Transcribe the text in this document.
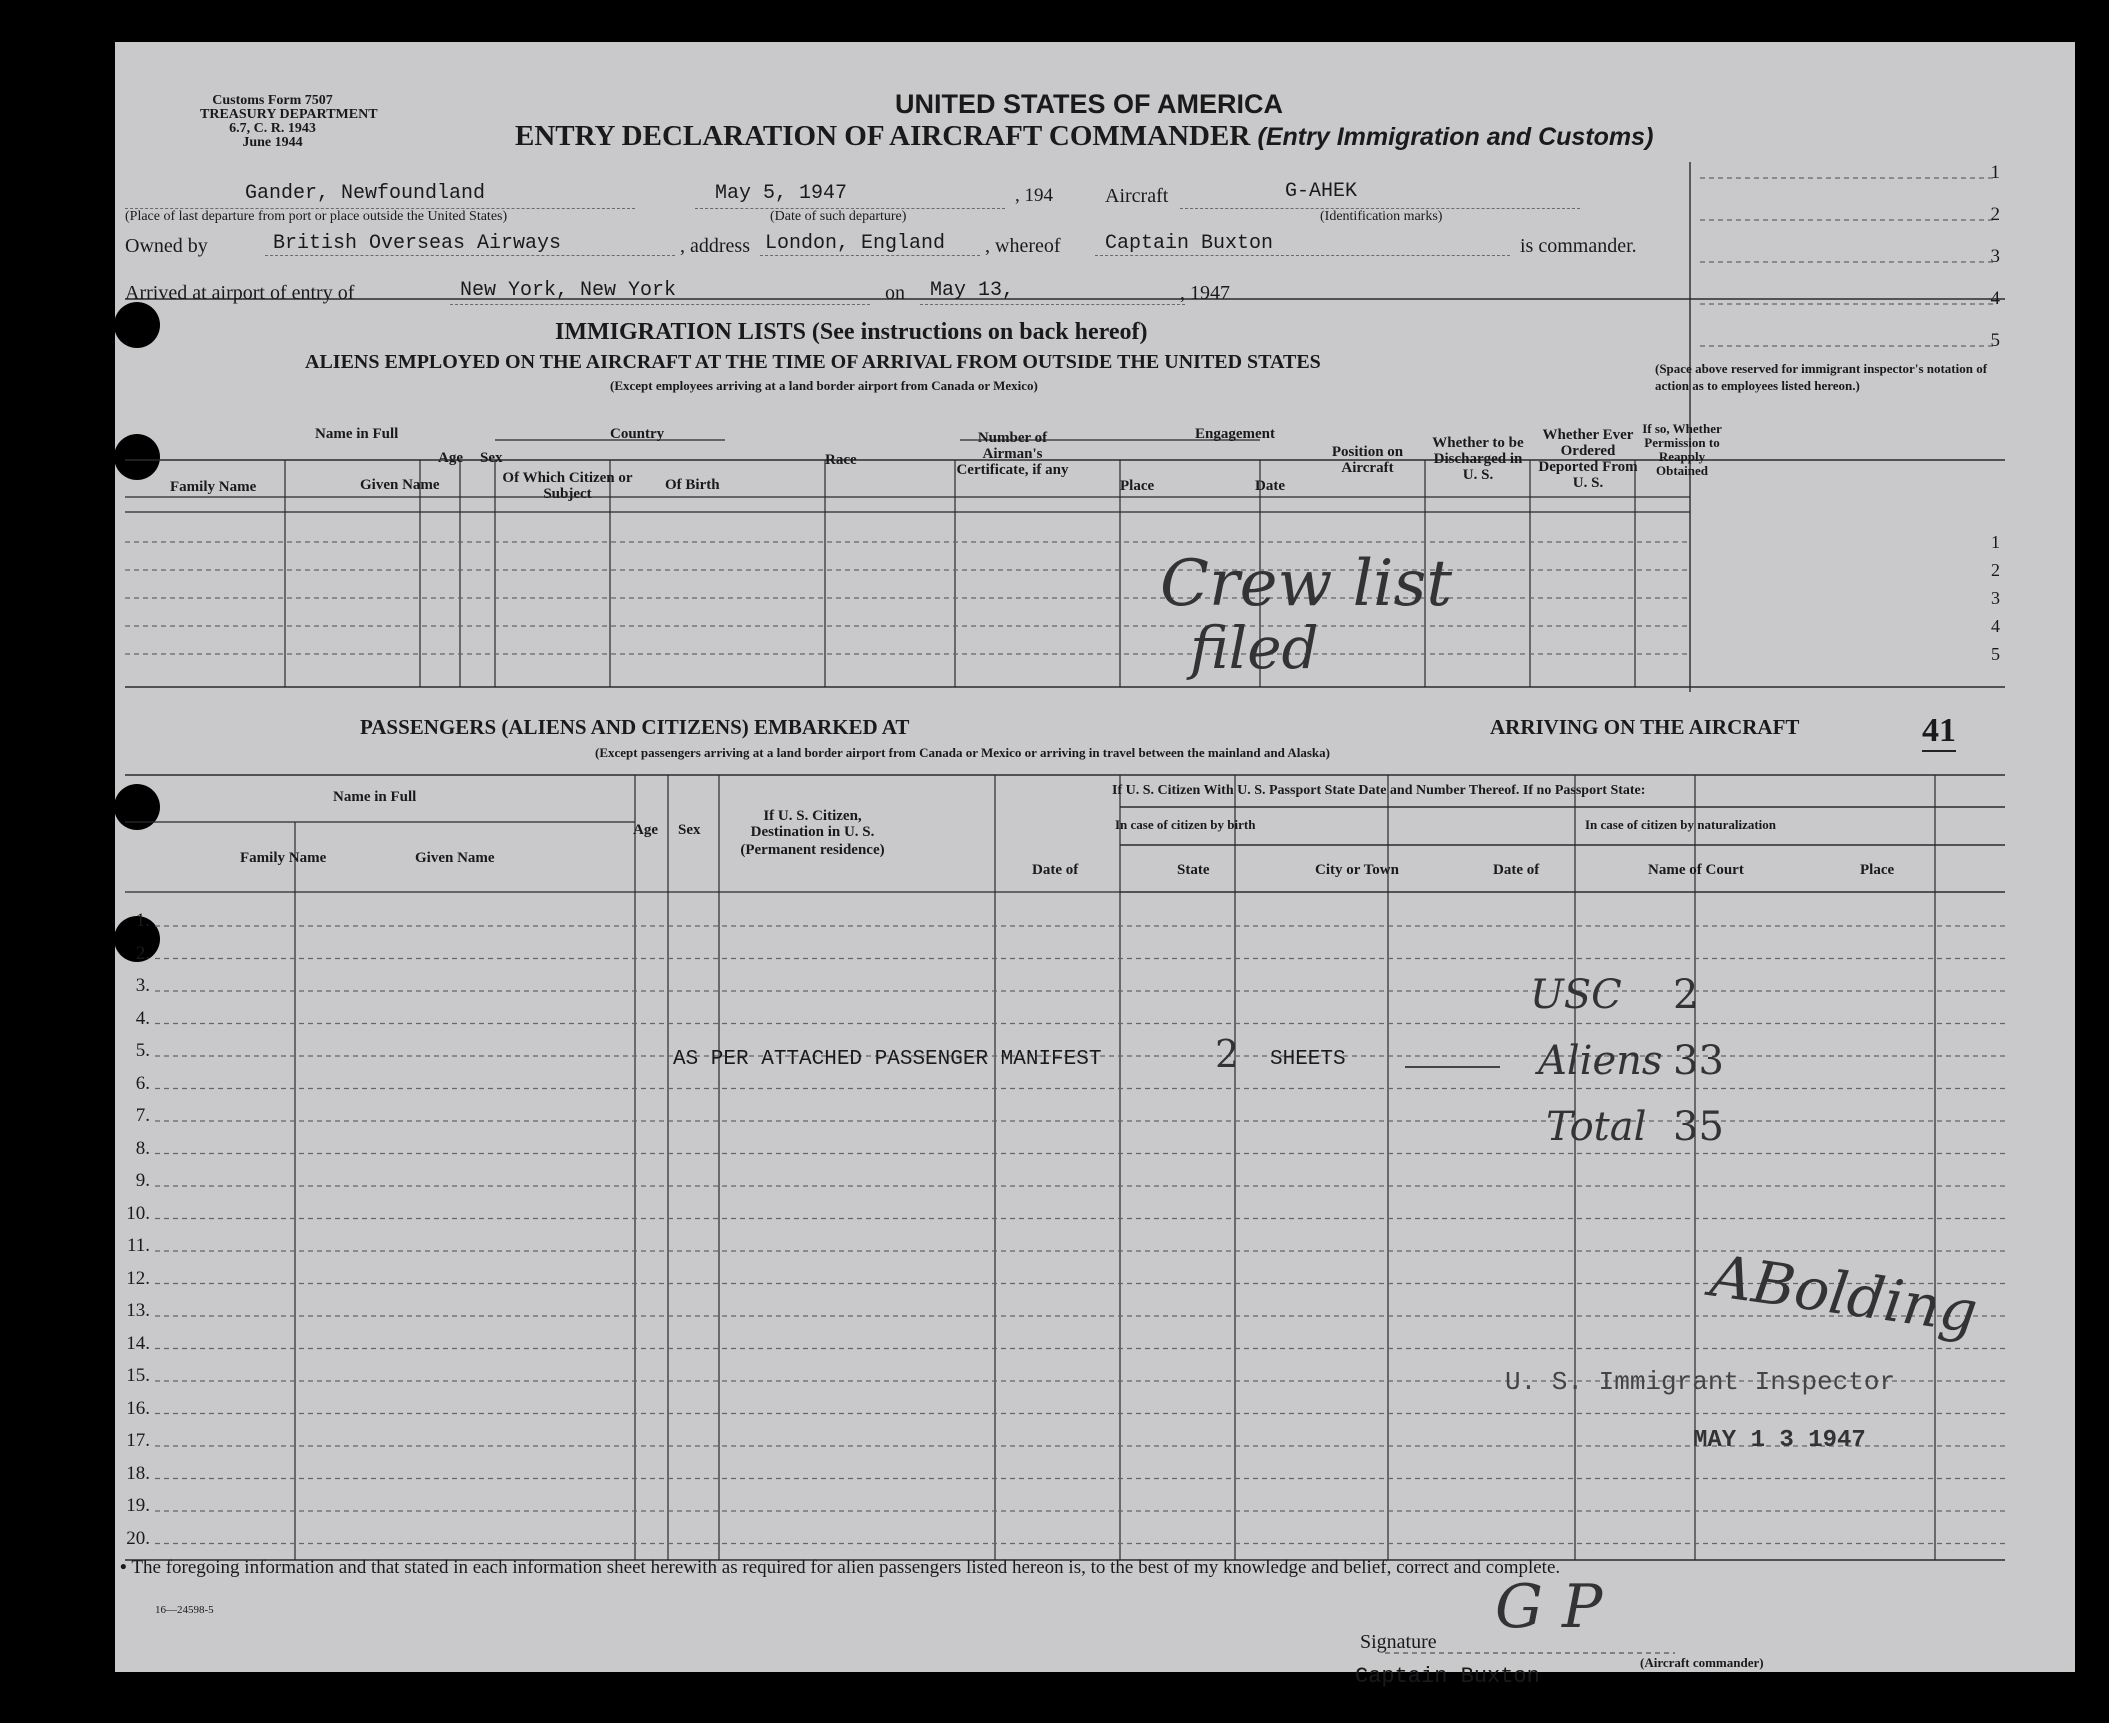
Customs Form 7507
TREASURY DEPARTMENT
6.7, C. R. 1943
June 1944
UNITED STATES OF AMERICA
ENTRY DECLARATION OF AIRCRAFT COMMANDER (Entry Immigration and Customs)
Gander, Newfoundland	May 5, 1947	, 194	Aircraft	G-AHEK
(Place of last departure from port or place outside the United States)	(Date of such departure)	(Identification marks)
Owned by	British Overseas Airways	, address London, England , whereof Captain Buxton	is commander.
Arrived at airport of entry of	New York, New York	on May 13,	, 1947
1
2
3
4
5
(Space above reserved for immigrant inspector's notation of action as to employees listed hereon.)
IMMIGRATION LISTS (See instructions on back hereof)
ALIENS EMPLOYED ON THE AIRCRAFT AT THE TIME OF ARRIVAL FROM OUTSIDE THE UNITED STATES
(Except employees arriving at a land border airport from Canada or Mexico)
Name in Full
Family Name	Given Name
Age Sex
Country
Of Which Citizen or Subject
Of Birth
Race
Number of Airman's Certificate, if any
Engagement
Place	Date
Position on Aircraft
Whether to be Discharged in U. S.
Whether Ever Ordered Deported From U. S.
If so, Whether Permission to Reapply Obtained
1
2
3
4
5
Crew list
filed
PASSENGERS (ALIENS AND CITIZENS) EMBARKED AT	ARRIVING ON THE AIRCRAFT	41
(Except passengers arriving at a land border airport from Canada or Mexico or arriving in travel between the mainland and Alaska)
Name in Full
Family Name	Given Name
Age Sex
If U. S. Citizen, Destination in U. S.
(Permanent residence)
If U. S. Citizen With U. S. Passport State Date and Number Thereof. If no Passport State:
In case of citizen by birth	In case of citizen by naturalization
Date of	State	City or Town	Date of	Name of Court	Place
1.
2.
3.
4.
5.
6.
7.
8.
9.
10.
11.
12.
13.
14.
15.
16.
17.
18.
19.
20.
AS PER ATTACHED PASSENGER MANIFEST	2 SHEETS
USC 2
Aliens 33
Total 35
ABolding
U. S. Immigrant Inspector
MAY 1 3 1947
• The foregoing information and that stated in each information sheet herewith as required for alien passengers listed hereon is, to the best of my knowledge and belief, correct and complete.
16—24598-5
Signature G P
(Aircraft commander)
Captain Buxton
